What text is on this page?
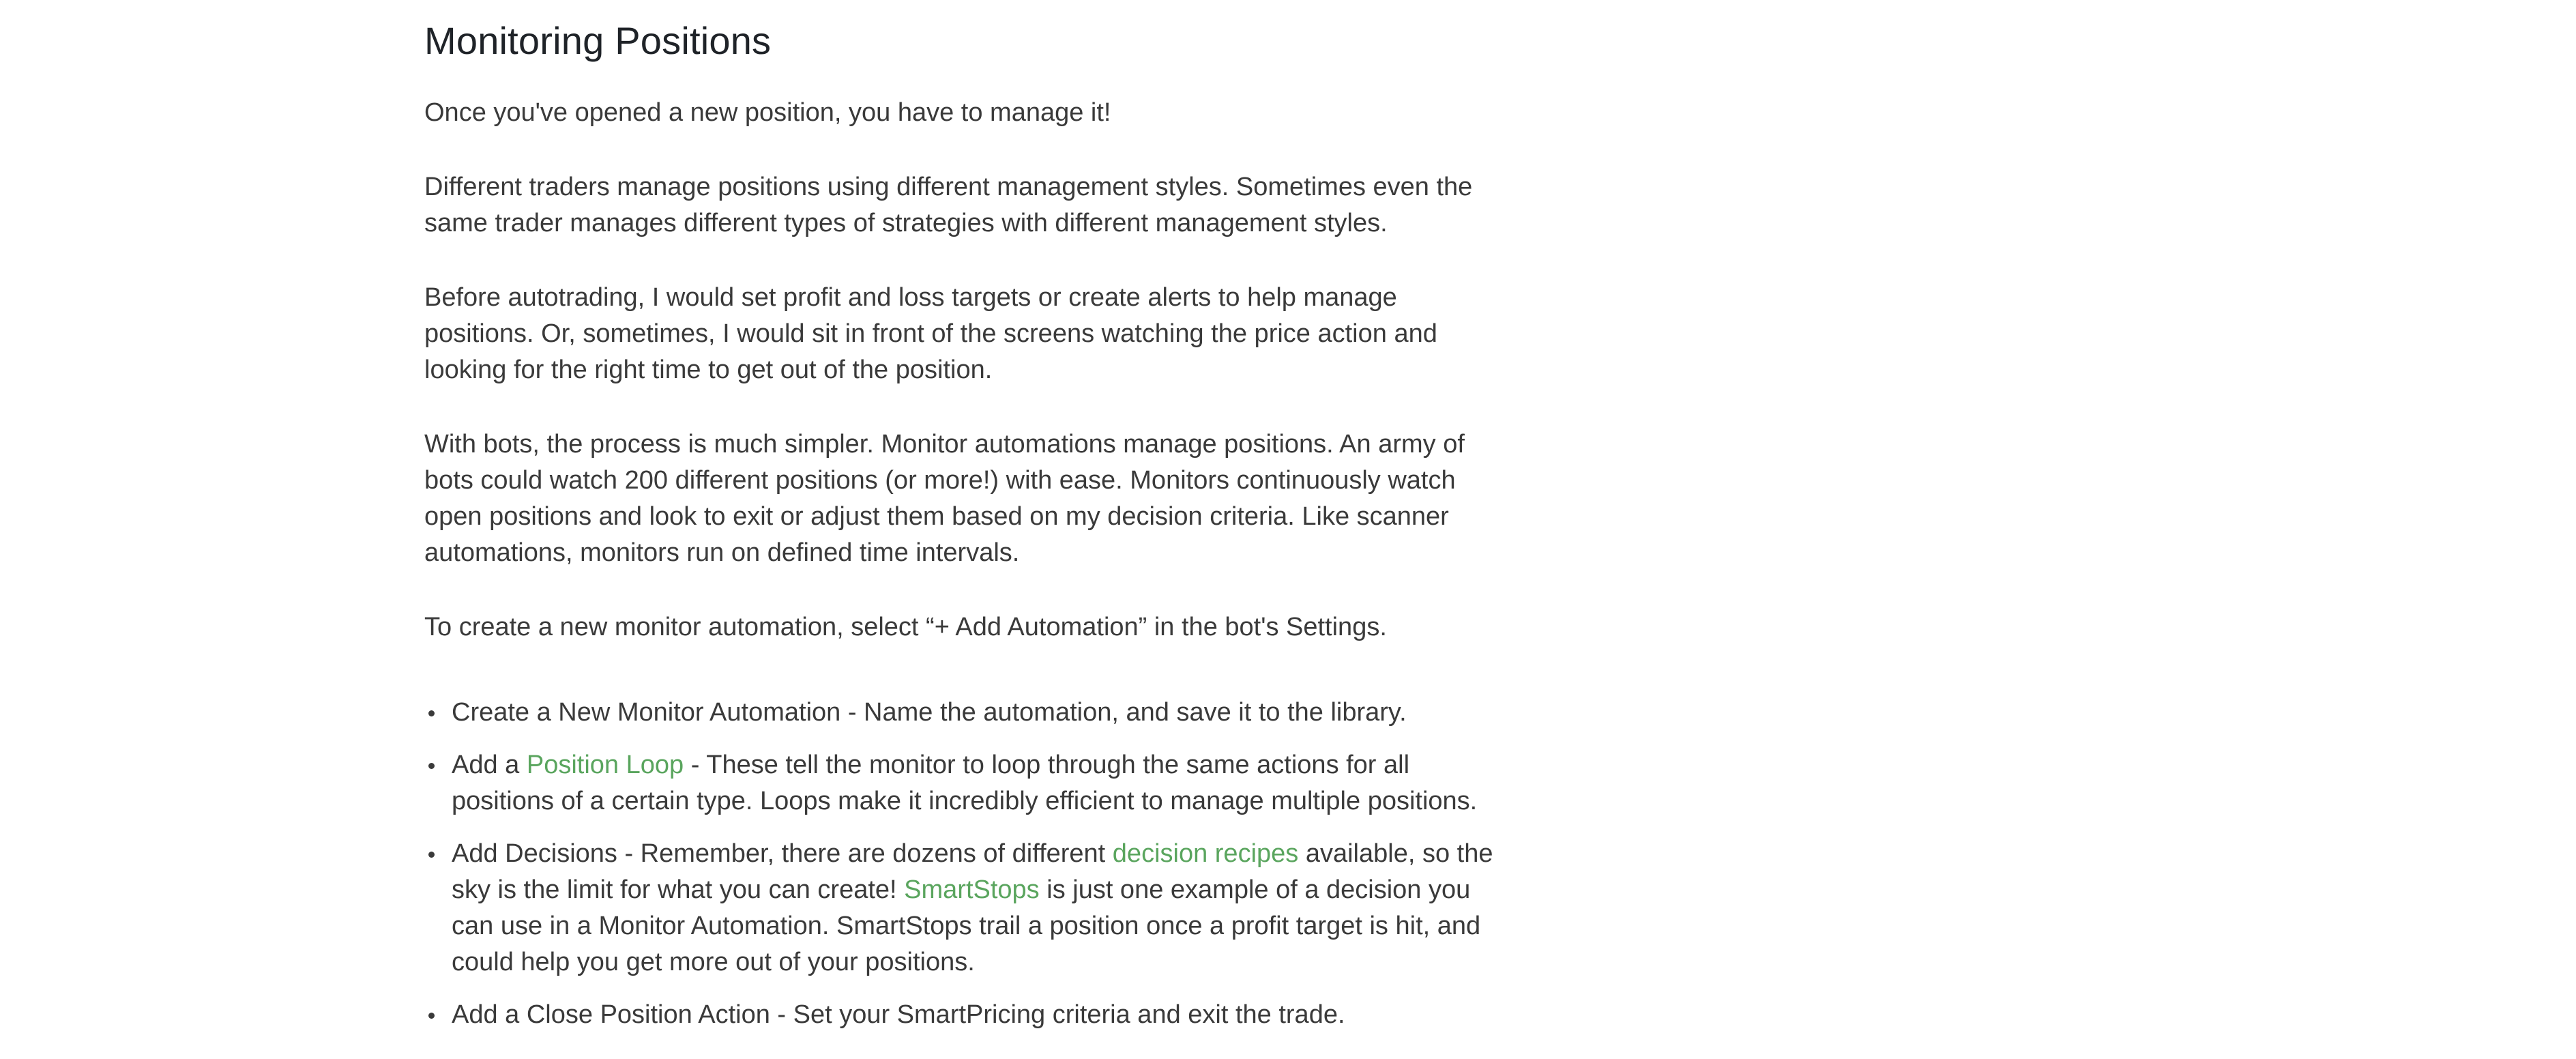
Monitoring Positions

Once you've opened a new position, you have to manage it!

Different traders manage positions using different management styles. Sometimes even the same trader manages different types of strategies with different management styles.

Before autotrading, I would set profit and loss targets or create alerts to help manage positions. Or, sometimes, I would sit in front of the screens watching the price action and looking for the right time to get out of the position.

With bots, the process is much simpler. Monitor automations manage positions. An army of bots could watch 200 different positions (or more!) with ease. Monitors continuously watch open positions and look to exit or adjust them based on my decision criteria. Like scanner automations, monitors run on defined time intervals.

To create a new monitor automation, select “+ Add Automation” in the bot's Settings.

Create a New Monitor Automation - Name the automation, and save it to the library.
Add a Position Loop - These tell the monitor to loop through the same actions for all positions of a certain type. Loops make it incredibly efficient to manage multiple positions.
Add Decisions - Remember, there are dozens of different decision recipes available, so the sky is the limit for what you can create! SmartStops is just one example of a decision you can use in a Monitor Automation. SmartStops trail a position once a profit target is hit, and could help you get more out of your positions.
Add a Close Position Action - Set your SmartPricing criteria and exit the trade.
